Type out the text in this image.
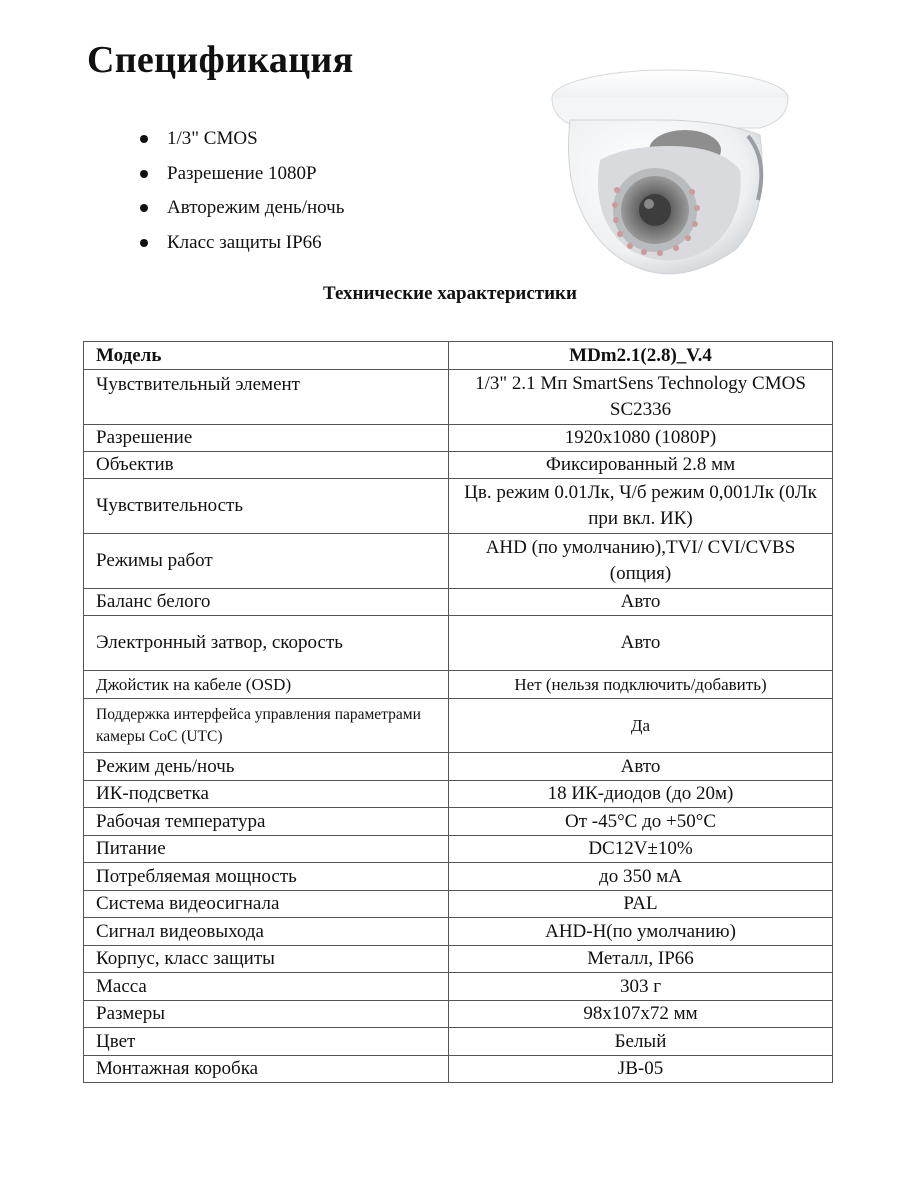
Спецификация
1/3" CMOS
Разрешение 1080P
Авторежим день/ночь
Класс защиты IP66
Технические характеристики
Модель	MDm2.1(2.8)_V.4
Чувствительный элемент	1/3" 2.1 Мп SmartSens Technology CMOS SC2336
Разрешение	1920x1080 (1080P)
Объектив	Фиксированный 2.8 мм
Чувствительность	Цв. режим 0.01Лк, Ч/б режим 0,001Лк (0Лк при вкл. ИК)
Режимы работ	AHD (по умолчанию),TVI/ CVI/CVBS (опция)
Баланс белого	Авто
Электронный затвор, скорость	Авто
Джойстик на кабеле (OSD)	Нет (нельзя подключить/добавить)
Поддержка интерфейса управления параметрами камеры CoC (UTC)	Да
Режим день/ночь	Авто
ИК-подсветка	18 ИК-диодов (до 20м)
Рабочая температура	От -45°C до +50°C
Питание	DC12V±10%
Потребляемая мощность	до 350 мА
Система видеосигнала	PAL
Сигнал видеовыхода	AHD-H(по умолчанию)
Корпус, класс защиты	Металл, IP66
Масса	303 г
Размеры	98x107x72 мм
Цвет	Белый
Монтажная коробка	JB-05
